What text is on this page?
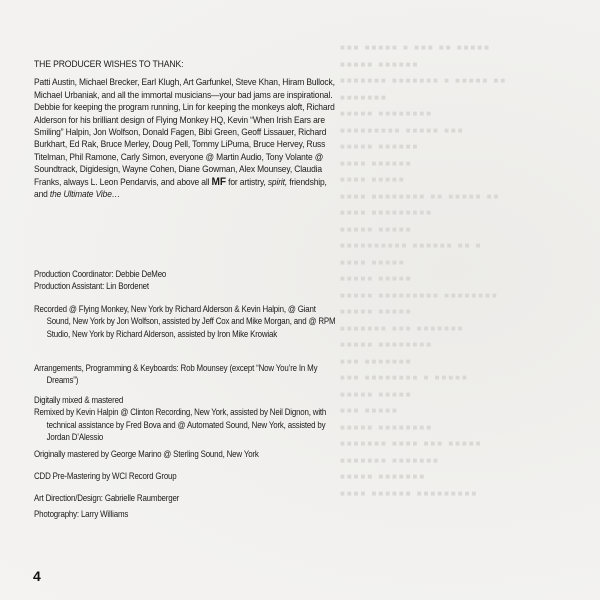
■■■ ■■■■■ ■ ■■■ ■■ ■■■■■
■■■■■ ■■■■■■
■■■■■■■ ■■■■■■■ ■ ■■■■■ ■■
■■■■■■■
■■■■■ ■■■■■■■■
■■■■■■■■■ ■■■■■ ■■■
■■■■■ ■■■■■■
■■■■ ■■■■■■
■■■■ ■■■■■
■■■■ ■■■■■■■■ ■■ ■■■■■ ■■
■■■■ ■■■■■■■■■
■■■■■ ■■■■■
■■■■■■■■■■ ■■■■■■ ■■ ■
■■■■ ■■■■■
■■■■■ ■■■■■
■■■■■ ■■■■■■■■■ ■■■■■■■■
■■■■■ ■■■■■
■■■■■■■ ■■■ ■■■■■■■
■■■■■ ■■■■■■■■
■■■ ■■■■■■■
■■■ ■■■■■■■■ ■ ■■■■■
■■■■■ ■■■■■
■■■ ■■■■■
■■■■■ ■■■■■■■■
■■■■■■■ ■■■■ ■■■ ■■■■■
■■■■■■■ ■■■■■■■
■■■■■ ■■■■■■■
■■■■ ■■■■■■ ■■■■■■■■■

THE PRODUCER WISHES TO THANK:

Patti Austin, Michael Brecker, Earl Klugh, Art Garfunkel, Steve Khan, Hiram Bullock, Michael Urbaniak, and all the immortal musicians—your bad jams are inspirational. Debbie for keeping the program running, Lin for keeping the monkeys aloft, Richard Alderson for his brilliant design of Flying Monkey HQ, Kevin “When Irish Ears are Smiling” Halpin, Jon Wolfson, Donald Fagen, Bibi Green, Geoff Lissauer, Richard Burkhart, Ed Rak, Bruce Merley, Doug Pell, Tommy LiPuma, Bruce Hervey, Russ Titelman, Phil Ramone, Carly Simon, everyone @ Martin Audio, Tony Volante @ Soundtrack, Digidesign, Wayne Cohen, Diane Gowman, Alex Mounsey, Claudia Franks, always L. Leon Pendarvis, and above all MF for artistry, spirit, friendship, and the Ultimate Vibe…

Production Coordinator: Debbie DeMeo

Production Assistant: Lin Bordenet

Recorded @ Flying Monkey, New York by Richard Alderson & Kevin Halpin, @ Giant Sound, New York by Jon Wolfson, assisted by Jeff Cox and Mike Morgan, and @ RPM Studio, New York by Richard Alderson, assisted by Iron Mike Krowiak

Arrangements, Programming & Keyboards: Rob Mounsey (except “Now You’re In My Dreams”)

Digitally mixed & mastered

Remixed by Kevin Halpin @ Clinton Recording, New York, assisted by Neil Dignon, with technical assistance by Fred Bova and @ Automated Sound, New York, assisted by Jordan D’Alessio

Originally mastered by George Marino @ Sterling Sound, New York

CDD Pre-Mastering by WCI Record Group

Art Direction/Design: Gabrielle Raumberger

Photography: Larry Williams

4
